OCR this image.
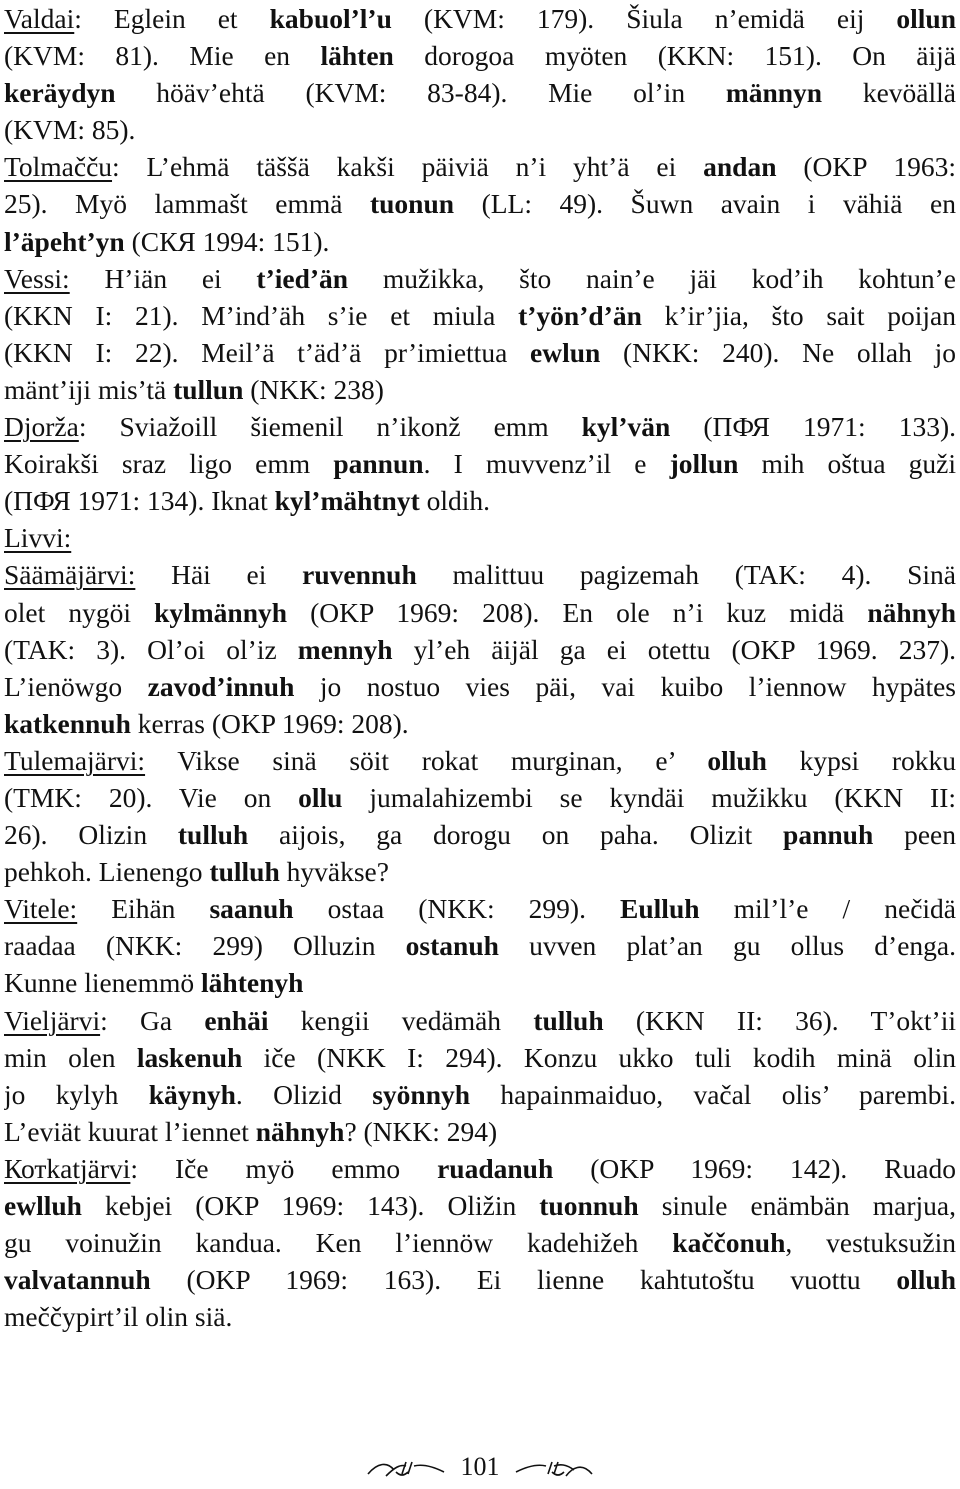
Valdai: Eglein et kabuol’l’u (KVM: 179). Šiula n’emidä eij ollun
(KVM: 81). Mie en lähten dorogoa myöten (KKN: 151). On äijä
keräydyn höäv’ehtä (KVM: 83-84). Mie ol’in männyn kevöällä
(KVM: 85).
Tolmačču: L’ehmä täššä kakši päiviä n’i yht’ä ei andan (OKP 1963:
25). Myö lammašt emmä tuonun (LL: 49). Šuwn avain i vähiä en
l’äpeht’yn (СКЯ 1994: 151).
Vessi: H’iän ei t’ied’än mužikka, što nain’e jäi kod’ih kohtun’e
(KKN I: 21). M’ind’äh s’ie et miula t’yön’d’än k’ir’jia, što sait poijan
(KKN I: 22). Meil’ä t’äd’ä pr’imiettua ewlun (NKK: 240). Ne ollah jo
mänt’iji mis’tä tullun (NKK: 238)
Djorža: Sviažoill šiemenil n’ikonž emm kyl’vän (ПФЯ 1971: 133).
Koirakši sraz ligo emm pannun. I muvvenz’il e jollun mih oštua guži
(ПФЯ 1971: 134). Iknat kyl’mähtnyt oldih.
Livvi:
Säämäjärvi: Häi ei ruvennuh malittuu pagizemah (TAK: 4). Sinä
olet nygöi kylmännyh (OKP 1969: 208). En ole n’i kuz midä nähnyh
(TAK: 3). Ol’oi ol’iz mennyh yl’eh äijäl ga ei otettu (OKP 1969. 237).
L’ienöwgo zavod’innuh jo nostuo vies päi, vai kuibo l’iennow hypätes
katkennuh kerras (OKP 1969: 208).
Tulemajärvi: Vikse sinä söit rokat murginan, e’ olluh kypsi rokku
(TMK: 20). Vie on ollu jumalahizembi se kyndäi mužikku (KKN II:
26). Olizin tulluh aijois, ga dorogu on paha. Olizit pannuh peen
pehkoh. Lienengo tulluh hyväkse?
Vitele: Eihän saanuh ostaa (NKK: 299). Eulluh mil’l’e / nečidä
raadaa (NKK: 299) Olluzin ostanuh uvven plat’an gu ollus d’enga.
Kunne lienemmö lähtenyh
Vieljärvi: Ga enhäi kengii vedämäh tulluh (KKN II: 36). T’okt’ii
min olen laskenuh iče (NKK I: 294). Konzu ukko tuli kodih minä olin
jo kylyh käynyh. Olizid syönnyh hapainmaiduo, vačal olis’ parembi.
L’eviät kuurat l’iennet nähnyh? (NKK: 294)
Котkatjärvi: Iče myö emmo ruadanuh (OKP 1969: 142). Ruado
ewlluh kebjei (OKP 1969: 143). Oližin tuonnuh sinule enämbän marjua,
gu voinužin kandua. Ken l’iennöw kadehižeh kaččonuh, vestuksužin
valvatannuh (OKP 1969: 163). Ei lienne kahtutoštu vuottu olluh
meččypirt’il olin siä.
101
